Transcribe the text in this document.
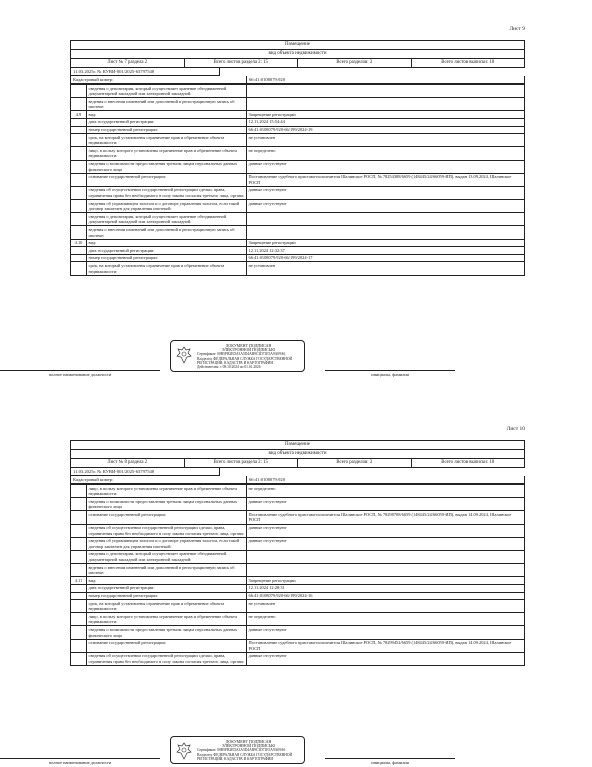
Лист 9
Помещение
вид объекта недвижимости
Лист № 7 раздела 2	Всего листов раздела 2: 15	Всего разделов: 3	Всего листов выписки: 18
11.03.2025г. № КУВИ-001/2025-63797548
Кадастровый номер:	66:41:0108079:920
	сведения о депозитарии, который осуществляет хранение обездвиженной документарной закладной или электронной закладной:	
	ведения о внесении изменений или дополнений в регистрационную запись об ипотеке:	
4.9	вид:	Запрещение регистрации
	дата государственной регистрации:	12.11.2024 15:54:44
	номер государственной регистрации:	66:41:0108079:920-66/199/2024-19
	срок, на который установлены ограничение прав и обременение объекта недвижимости:	не установлен
	лицо, в пользу которого установлены ограничение прав и обременение объекта недвижимости:	не определено
	сведения о возможности предоставления третьим лицам персональных данных физического лица	данные отсутствуют
	основание государственной регистрации:	Постановление судебного пристава-исполнителя Шалинское РОСП, № 78254388/6659 (148445/24/66059-ИП), выдан 13.09.2024, Шалинское РОСП
	сведения об осуществлении государственной регистрации сделки, права, ограничения права без необходимого в силу закона согласия третьего лица, органа:	данные отсутствуют
	сведения об управляющем залогом и о договоре управления залогом, если такой договор заключен для управления ипотекой:	данные отсутствуют
	сведения о депозитарии, который осуществляет хранение обездвиженной документарной закладной или электронной закладной:	
	ведения о внесении изменений или дополнений в регистрационную запись об ипотеке:	
4.10	вид:	Запрещение регистрации
	дата государственной регистрации:	12.11.2024 12:32:37
	номер государственной регистрации:	66:41:0108079:920-66/199/2024-17
	срок, на который установлены ограничение прав и обременение объекта недвижимости:	не установлен
полное наименование должности	инициалы, фамилия
ДОКУМЕНТ ПОДПИСАН
ЭЛЕКТРОННОЙ ПОДПИСЬЮ
Сертификат: 00B5FB2EDA3A5D4AB9C3D71E5A9A09A6
Владелец: ФЕДЕРАЛЬНАЯ СЛУЖБА ГОСУДАРСТВЕННОЙ РЕГИСТРАЦИИ, КАДАСТРА И КАРТОГРАФИИ
Действителен: с 08.10.2024 по 01.01.2026
Лист 10
Помещение
вид объекта недвижимости
Лист № 8 раздела 2	Всего листов раздела 2: 15	Всего разделов: 3	Всего листов выписки: 18
11.03.2025г. № КУВИ-001/2025-63797548
Кадастровый номер:	66:41:0108079:920
	лицо, в пользу которого установлены ограничение прав и обременение объекта недвижимости:	не определено
	сведения о возможности предоставления третьим лицам персональных данных физического лица	данные отсутствуют
	основание государственной регистрации:	Постановление судебного пристава-исполнителя Шалинское РОСП, № 78298708/6659 (148445/24/66059-ИП), выдан 14.09.2024, Шалинское РОСП
	сведения об осуществлении государственной регистрации сделки, права, ограничения права без необходимого в силу закона согласия третьего лица, органа:	данные отсутствуют
	сведения об управляющем залогом и о договоре управления залогом, если такой договор заключен для управления ипотекой:	данные отсутствуют
	сведения о депозитарии, который осуществляет хранение обездвиженной документарной закладной или электронной закладной:	
	ведения о внесении изменений или дополнений в регистрационную запись об ипотеке:	
4.11	вид:	Запрещение регистрации
	дата государственной регистрации:	12.11.2024 12:28:31
	номер государственной регистрации:	66:41:0108079:920-66/199/2024-16
	срок, на который установлены ограничение прав и обременение объекта недвижимости:	не установлен
	лицо, в пользу которого установлены ограничение прав и обременение объекта недвижимости:	не определено
	сведения о возможности предоставления третьим лицам персональных данных физического лица	данные отсутствуют
	основание государственной регистрации:	Постановление судебного пристава-исполнителя Шалинское РОСП, № 78299452/6659 (148445/24/66059-ИП), выдан 14.09.2024, Шалинское РОСП
	сведения об осуществлении государственной регистрации сделки, права, ограничения права без необходимого в силу закона согласия третьего лица, органа:	данные отсутствуют
ДОКУМЕНТ ПОДПИСАН
ЭЛЕКТРОННОЙ ПОДПИСЬЮ
Сертификат: 00B5FB2EDA3A5D4AB9C3D71E5A9A09A6
Владелец: ФЕДЕРАЛЬНАЯ СЛУЖБА ГОСУДАРСТВЕННОЙ РЕГИСТРАЦИИ, КАДАСТРА И КАРТОГРАФИИ
полное наименование должности	инициалы, фамилия
